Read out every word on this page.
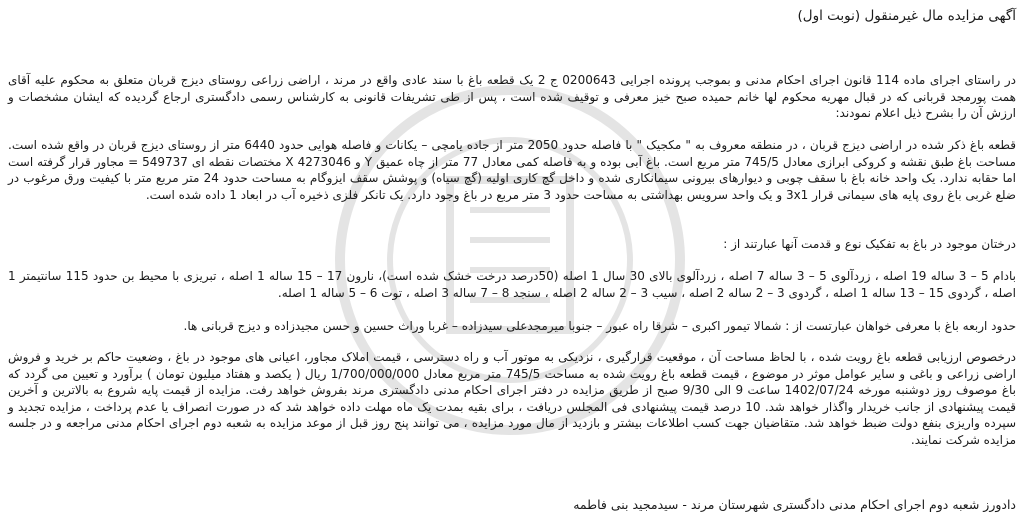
آگهی مزایده مال غیرمنقول (نوبت اول)
در راستای اجرای ماده 114 قانون اجرای احکام مدنی و بموجب پرونده اجرایی 0200643 ج 2 یک قطعه باغ با سند عادی واقع در مرند ، اراضی زراعی روستای دیزج قربان متعلق به محکوم علیه آقای همت پورمجد قربانی که در قبال مهریه محکوم لها خانم حمیده صبح خیز معرفی و توقیف شده است ، پس از طی تشریفات قانونی به کارشناس رسمی دادگستری ارجاع گردیده که ایشان مشخصات و ارزش آن را بشرح ذیل اعلام نمودند:
قطعه باغ ذکر شده در اراضی دیزج قربان ، در منطقه معروف به " مکجیک " با فاصله حدود 2050 متر از جاده یامچی – یکانات و فاصله هوایی حدود 6440 متر از روستای دیزج قربان در واقع شده است. مساحت باغ طبق نقشه و کروکی ابرازی معادل 745/5 متر مربع است. باغ آبی بوده و به فاصله کمی معادل 77 متر از چاه عمیق Y و 4273046 X مختصات نقطه ای 549737 = مجاور قرار گرفته است اما حقابه ندارد. یک واحد خانه باغ با سقف چوبی و دیوارهای بیرونی سیمانکاری شده و داخل گچ کاری اولیه (گچ سیاه) و پوشش سقف ایزوگام به مساحت حدود 24 متر مربع متر با کیفیت ورق مرغوب در ضلع غربی باغ روی پایه های سیمانی قرار 3x1 و یک واحد سرویس بهداشتی به مساحت حدود 3 متر مربع در باغ وجود دارد. یک تانکر فلزی ذخیره آب در ابعاد 1 داده شده است.
درختان موجود در باغ به تفکیک نوع و قدمت آنها عبارتند از :
بادام 5 – 3 ساله 19 اصله ، زردآلوی 5 – 3 ساله 7 اصله ، زردآلوی بالای 30 سال 1 اصله (50درصد درخت خشک شده است)، نارون 17 – 15 ساله 1 اصله ، تبریزی با محیط بن حدود 115 سانتیمتر 1 اصله ، گردوی 15 – 13 ساله 1 اصله ، گردوی 3 – 2 ساله 2 اصله ، سیب 3 – 2 ساله 2 اصله ، سنجد 8 – 7 ساله 3 اصله ، توت 6 – 5 ساله 1 اصله.
حدود اربعه باغ با معرفی خواهان عبارتست از : شمالا تیمور اکبری – شرقا راه عبور – جنوبا میرمجدعلی سیدزاده – غربا وراث حسین و حسن مجیدزاده و دیزج قربانی ها.
درخصوص ارزیابی قطعه باغ رویت شده ، با لحاظ مساحت آن ، موقعیت قرارگیری ، نزدیکی به موتور آب و راه دسترسی ، قیمت املاک مجاور، اعیانی های موجود در باغ ، وضعیت حاکم بر خرید و فروش اراضی زراعی و باغی و سایر عوامل موثر در موضوع ، قیمت قطعه باغ رویت شده به مساحت 745/5 متر مربع معادل 1/700/000/000 ریال ( یکصد و هفتاد میلیون تومان ) برآورد و تعیین می گردد که باغ موصوف روز دوشنبه مورخه 1402/07/24 ساعت 9 الی 9/30 صبح از طریق مزایده در دفتر اجرای احکام مدنی دادگستری مرند بفروش خواهد رفت. مزایده از قیمت پایه شروع به بالاترین و آخرین قیمت پیشنهادی از جانب خریدار واگذار خواهد شد. 10 درصد قیمت پیشنهادی فی المجلس دریافت ، برای بقیه بمدت یک ماه مهلت داده خواهد شد که در صورت انصراف یا عدم پرداخت ، مزایده تجدید و سپرده واریزی بنفع دولت ضبط خواهد شد. متقاضیان جهت کسب اطلاعات بیشتر و بازدید از مال مورد مزایده ، می توانند پنج روز قبل از موعد مزایده به شعبه دوم اجرای احکام مدنی مراجعه و در جلسه مزایده شرکت نمایند.
دادورز شعبه دوم اجرای احکام مدنی دادگستری شهرستان مرند - سیدمجید بنی فاطمه
